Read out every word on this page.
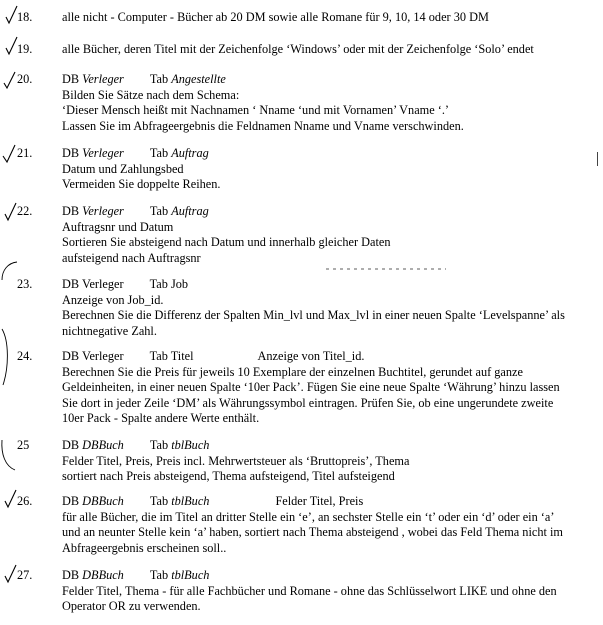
18. alle nicht - Computer - Bücher ab 20 DM sowie alle Romane für 9, 10, 14 oder 30 DM
19. alle Bücher, deren Titel mit der Zeichenfolge ‘Windows’ oder mit der Zeichenfolge ‘Solo’ endet
20. DB Verleger Tab Angestellte
Bilden Sie Sätze nach dem Schema:
‘Dieser Mensch heißt mit Nachnamen ‘ Nname ‘und mit Vornamen’ Vname ‘.’
Lassen Sie im Abfrageergebnis die Feldnamen Nname und Vname verschwinden.
21. DB Verleger Tab Auftrag
Datum und Zahlungsbed
Vermeiden Sie doppelte Reihen.
22. DB Verleger Tab Auftrag
Auftragsnr und Datum
Sortieren Sie absteigend nach Datum und innerhalb gleicher Daten
aufsteigend nach Auftragsnr
23. DB Verleger Tab Job
Anzeige von Job_id.
Berechnen Sie die Differenz der Spalten Min_lvl und Max_lvl in einer neuen Spalte ‘Levelspanne’ als
nichtnegative Zahl.
24. DB Verleger Tab Titel	Anzeige von Titel_id.
Berechnen Sie die Preis für jeweils 10 Exemplare der einzelnen Buchtitel, gerundet auf ganze
Geldeinheiten, in einer neuen Spalte ‘10er Pack’. Fügen Sie eine neue Spalte ‘Währung’ hinzu lassen
Sie dort in jeder Zeile ‘DM’ als Währungssymbol eintragen. Prüfen Sie, ob eine ungerundete zweite
10er Pack - Spalte andere Werte enthält.
25	DB DBBuch Tab tblBuch
Felder Titel, Preis, Preis incl. Mehrwertsteuer als ‘Bruttopreis’, Thema
sortiert nach Preis absteigend, Thema aufsteigend, Titel aufsteigend
26. DB DBBuch Tab tblBuch	Felder Titel, Preis
für alle Bücher, die im Titel an dritter Stelle ein ‘e’, an sechster Stelle ein ‘t’ oder ein ‘d’ oder ein ‘a’
und an neunter Stelle kein ‘a’ haben, sortiert nach Thema absteigend , wobei das Feld Thema nicht im
Abfrageergebnis erscheinen soll..
27. DB DBBuch Tab tblBuch
Felder Titel, Thema - für alle Fachbücher und Romane - ohne das Schlüsselwort LIKE und ohne den
Operator OR zu verwenden.
